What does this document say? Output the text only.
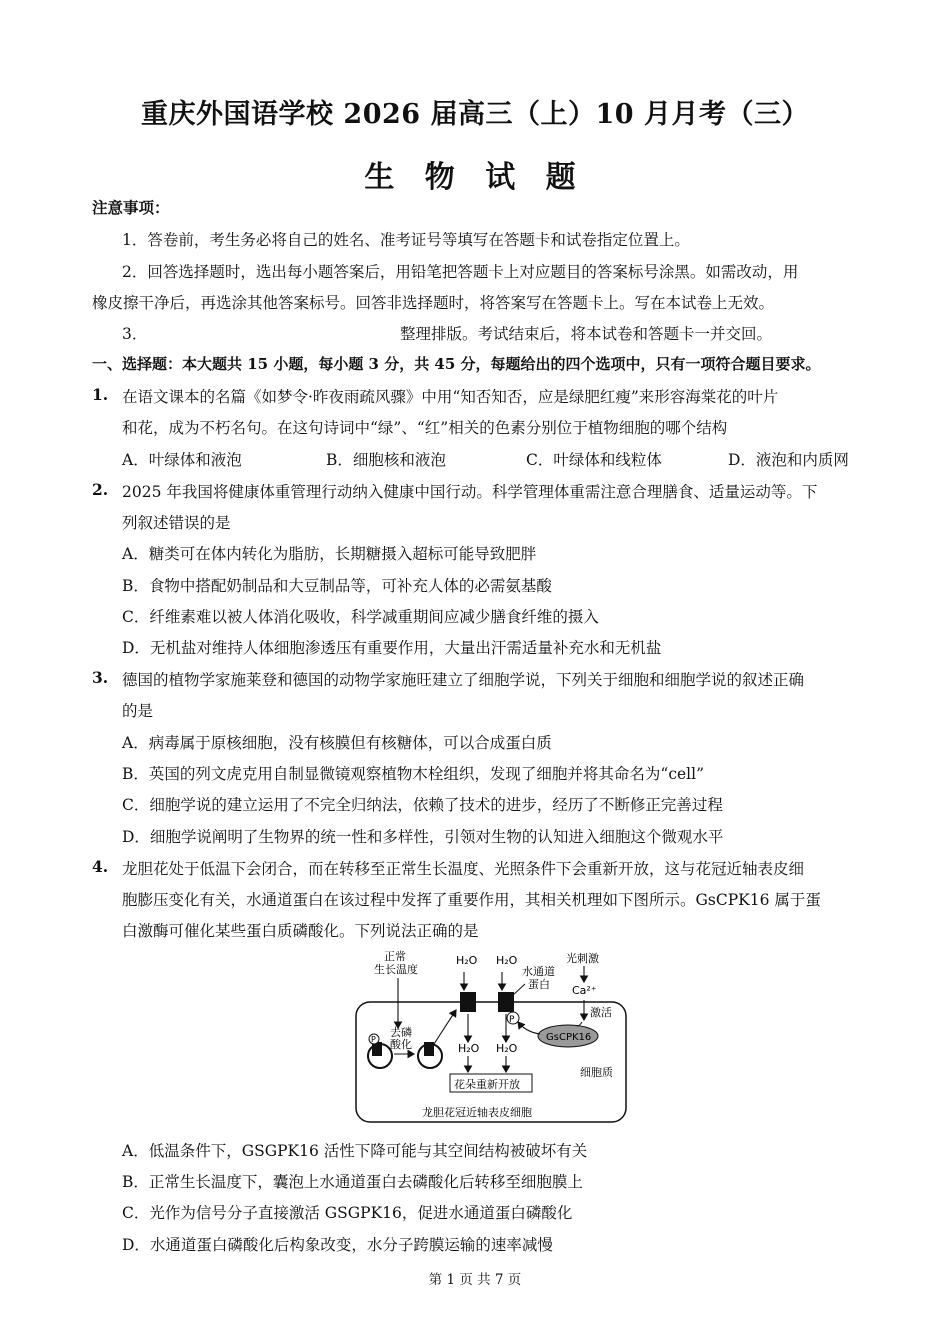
重庆外国语学校 2026 届高三（上）10 月月考（三）
生 物 试 题
注意事项：
1．答卷前，考生务必将自己的姓名、准考证号等填写在答题卡和试卷指定位置上。
2．回答选择题时，选出每小题答案后，用铅笔把答题卡上对应题目的答案标号涂黑。如需改动，用
橡皮擦干净后，再选涂其他答案标号。回答非选择题时，将答案写在答题卡上。写在本试卷上无效。
3．	整理排版。考试结束后，将本试卷和答题卡一并交回。
一、选择题：本大题共 15 小题，每小题 3 分，共 45 分，每题给出的四个选项中，只有一项符合题目要求。
1. 在语文课本的名篇《如梦令·昨夜雨疏风骤》中用“知否知否，应是绿肥红瘦”来形容海棠花的叶片
和花，成为不朽名句。在这句诗词中“绿”、“红”相关的色素分别位于植物细胞的哪个结构
A．叶绿体和液泡	B．细胞核和液泡	C．叶绿体和线粒体	D．液泡和内质网
2. 2025 年我国将健康体重管理行动纳入健康中国行动。科学管理体重需注意合理膳食、适量运动等。下
列叙述错误的是
A．糖类可在体内转化为脂肪，长期糖摄入超标可能导致肥胖
B．食物中搭配奶制品和大豆制品等，可补充人体的必需氨基酸
C．纤维素难以被人体消化吸收，科学减重期间应减少膳食纤维的摄入
D．无机盐对维持人体细胞渗透压有重要作用，大量出汗需适量补充水和无机盐
3. 德国的植物学家施莱登和德国的动物学家施旺建立了细胞学说，下列关于细胞和细胞学说的叙述正确
的是
A．病毒属于原核细胞，没有核膜但有核糖体，可以合成蛋白质
B．英国的列文虎克用自制显微镜观察植物木栓组织，发现了细胞并将其命名为“cell”
C．细胞学说的建立运用了不完全归纳法，依赖了技术的进步，经历了不断修正完善过程
D．细胞学说阐明了生物界的统一性和多样性，引领对生物的认知进入细胞这个微观水平
4. 龙胆花处于低温下会闭合，而在转移至正常生长温度、光照条件下会重新开放，这与花冠近轴表皮细
胞膨压变化有关，水通道蛋白在该过程中发挥了重要作用，其相关机理如下图所示。GsCPK16 属于蛋
白激酶可催化某些蛋白质磷酸化。下列说法正确的是
正常
生长温度
H₂O H₂O
水通道
蛋白
光刺激
Ca²⁺
激活
P
GsCPK16
P
去磷
酸化	H₂O H₂O
花朵重新开放
细胞质
龙胆花冠近轴表皮细胞
A．低温条件下，GSGPK16 活性下降可能与其空间结构被破坏有关
B．正常生长温度下，囊泡上水通道蛋白去磷酸化后转移至细胞膜上
C．光作为信号分子直接激活 GSGPK16，促进水通道蛋白磷酸化
D．水通道蛋白磷酸化后构象改变，水分子跨膜运输的速率减慢
第 1 页 共 7 页
